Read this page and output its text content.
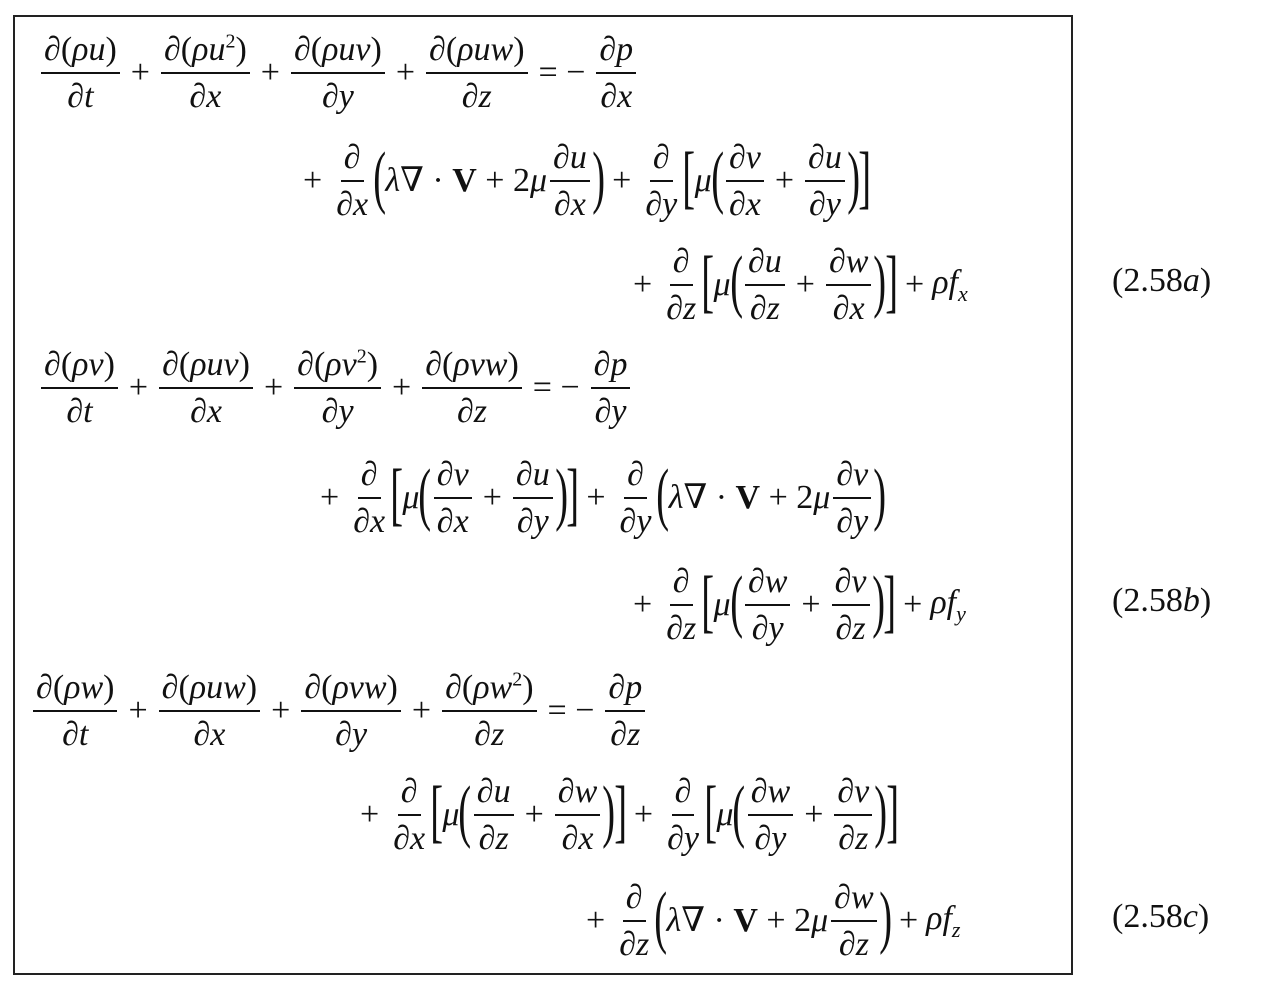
∂(ρu)
∂t
+ $\frac{\partial(\rho u^2)}{\partial x}$ +
∂(ρuv)
∂y
+
∂(ρuw)
∂z
= − $\frac{\partial p}{\partial x}$
+
∂
∂x ( λ∇ · V + 2μ
∂u
∂x ) +
∂
∂y [ μ ( ∂v
∂x
+ $\frac{\partial u}{\partial y}$ )
]
+
∂
∂z [ μ ( ∂u
∂z
+ $\frac{\partial w}{\partial x}$ )
] + $\rho f_x$	(2.58a)
∂(ρv)
∂t
+
∂(ρuv)
∂x
+ $\frac{\partial(\rho v^2)}{\partial y}$ +
∂(ρvw)
∂z
= − $\frac{\partial p}{\partial y}$
+
∂
∂x [ μ ( ∂v
∂x
+ $\frac{\partial u}{\partial y}$ )
] +
∂
∂y ( λ∇ · V + 2μ
∂v
∂y )
+
∂
∂z [ μ ( ∂w
∂y
+ $\frac{\partial v}{\partial z}$ )
] + $\rho f_y$	(2.58b)
∂(ρw)
∂t
+
∂(ρuw)
∂x
+
∂(ρvw)
∂y
+ $\frac{\partial(\rho w^2)}{\partial z}$ = − $\frac{\partial p}{\partial z}$
+
∂
∂x [ μ ( ∂u
∂z
+ $\frac{\partial w}{\partial x}$ )
] +
∂
∂y [ μ ( ∂w
∂y
+ $\frac{\partial v}{\partial z}$ )
]
+
∂
∂z ( λ∇ · V + 2μ
∂w
∂z ) + $\rho f_z$	(2.58c)
